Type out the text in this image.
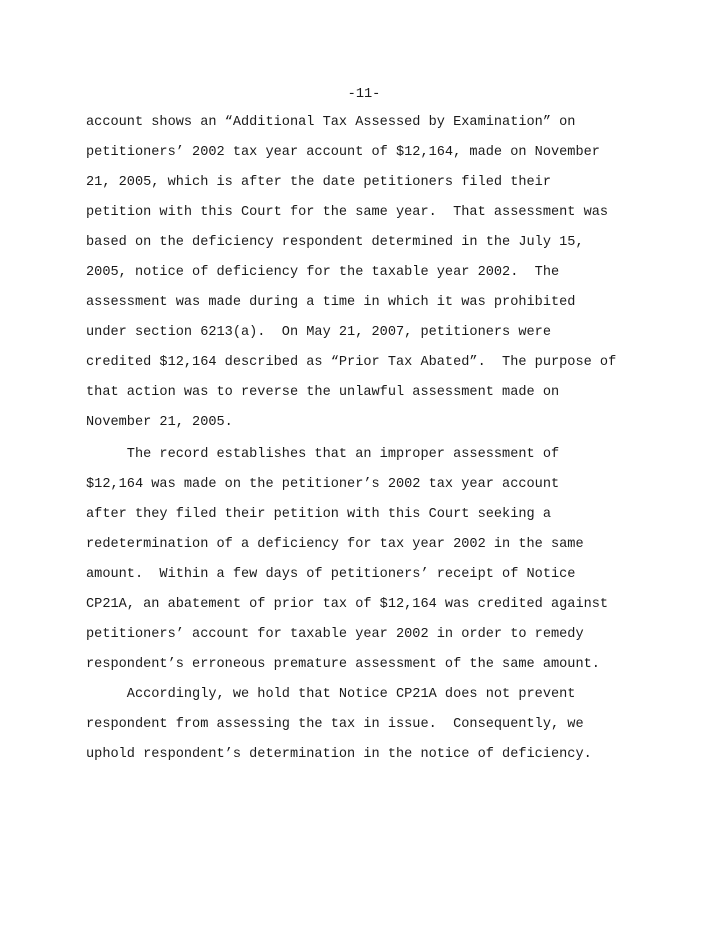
-11-
account shows an “Additional Tax Assessed by Examination” on
petitioners’ 2002 tax year account of $12,164, made on November
21, 2005, which is after the date petitioners filed their
petition with this Court for the same year.  That assessment was
based on the deficiency respondent determined in the July 15,
2005, notice of deficiency for the taxable year 2002.  The
assessment was made during a time in which it was prohibited
under section 6213(a).  On May 21, 2007, petitioners were
credited $12,164 described as “Prior Tax Abated”.  The purpose of
that action was to reverse the unlawful assessment made on
November 21, 2005.
The record establishes that an improper assessment of
$12,164 was made on the petitioner’s 2002 tax year account
after they filed their petition with this Court seeking a
redetermination of a deficiency for tax year 2002 in the same
amount.  Within a few days of petitioners’ receipt of Notice
CP21A, an abatement of prior tax of $12,164 was credited against
petitioners’ account for taxable year 2002 in order to remedy
respondent’s erroneous premature assessment of the same amount.
Accordingly, we hold that Notice CP21A does not prevent
respondent from assessing the tax in issue.  Consequently, we
uphold respondent’s determination in the notice of deficiency.
